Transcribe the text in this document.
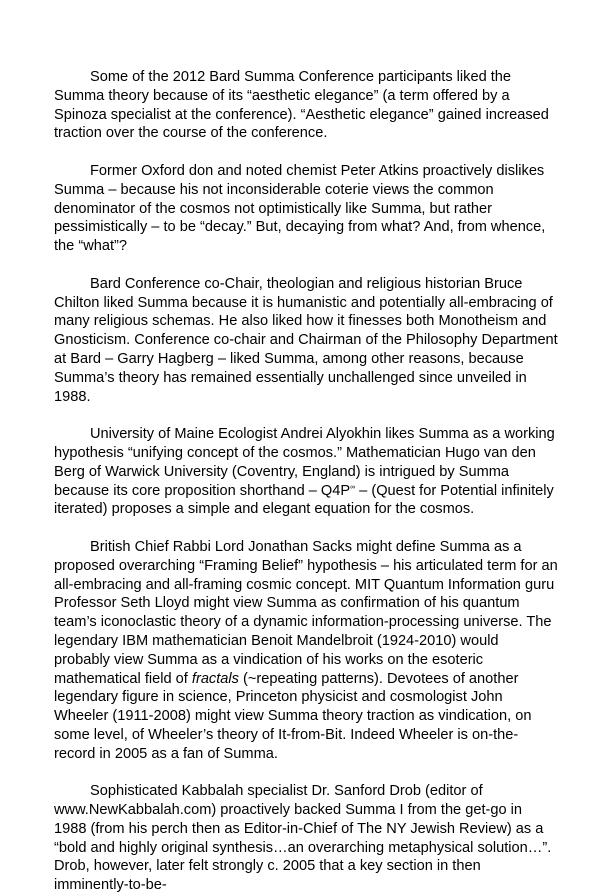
Some of the 2012 Bard Summa Conference participants liked the Summa theory because of its “aesthetic elegance” (a term offered by a Spinoza specialist at the conference). “Aesthetic elegance” gained increased traction over the course of the conference.

Former Oxford don and noted chemist Peter Atkins proactively dislikes Summa – because his not inconsiderable coterie views the common denominator of the cosmos not optimistically like Summa, but rather pessimistically – to be “decay.” But, decaying from what? And, from whence, the “what”?

Bard Conference co-Chair, theologian and religious historian Bruce Chilton liked Summa because it is humanistic and potentially all-embracing of many religious schemas. He also liked how it finesses both Monotheism and Gnosticism. Conference co-chair and Chairman of the Philosophy Department at Bard – Garry Hagberg – liked Summa, among other reasons, because Summa’s theory has remained essentially unchallenged since unveiled in 1988.

University of Maine Ecologist Andrei Alyokhin likes Summa as a working hypothesis “unifying concept of the cosmos.” Mathematician Hugo van den Berg of Warwick University (Coventry, England) is intrigued by Summa because its core proposition shorthand – Q4P∞ – (Quest for Potential infinitely iterated) proposes a simple and elegant equation for the cosmos.

British Chief Rabbi Lord Jonathan Sacks might define Summa as a proposed overarching “Framing Belief” hypothesis – his articulated term for an all-embracing and all-framing cosmic concept. MIT Quantum Information guru Professor Seth Lloyd might view Summa as confirmation of his quantum team’s iconoclastic theory of a dynamic information-processing universe. The legendary IBM mathematician Benoit Mandelbroit (1924-2010) would probably view Summa as a vindication of his works on the esoteric mathematical field of fractals (~repeating patterns). Devotees of another legendary figure in science, Princeton physicist and cosmologist John Wheeler (1911-2008) might view Summa theory traction as vindication, on some level, of Wheeler’s theory of It-from-Bit. Indeed Wheeler is on-the-record in 2005 as a fan of Summa.

Sophisticated Kabbalah specialist Dr. Sanford Drob (editor of www.NewKabbalah.com) proactively backed Summa I from the get-go in 1988 (from his perch then as Editor-in-Chief of The NY Jewish Review) as a “bold and highly original synthesis…an overarching metaphysical solution…”. Drob, however, later felt strongly c. 2005 that a key section in then imminently-to-be-
